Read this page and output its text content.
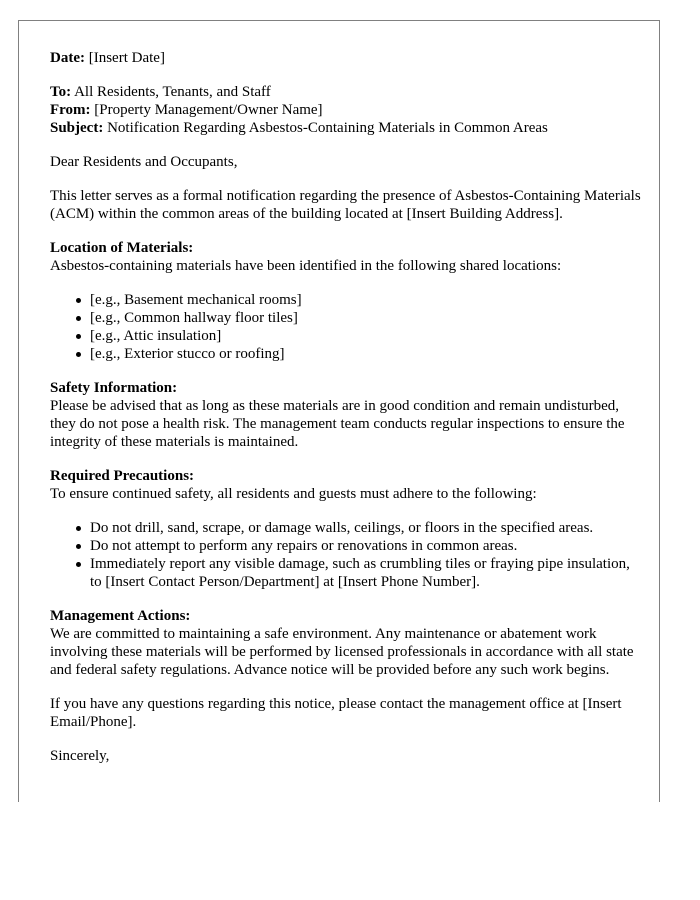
Date: [Insert Date]

To: All Residents, Tenants, and Staff

From: [Property Management/Owner Name]

Subject: Notification Regarding Asbestos-Containing Materials in Common Areas

Dear Residents and Occupants,

This letter serves as a formal notification regarding the presence of Asbestos-Containing Materials (ACM) within the common areas of the building located at [Insert Building Address].

Location of Materials:

Asbestos-containing materials have been identified in the following shared locations:

[e.g., Basement mechanical rooms]
[e.g., Common hallway floor tiles]
[e.g., Attic insulation]
[e.g., Exterior stucco or roofing]

Safety Information:

Please be advised that as long as these materials are in good condition and remain undisturbed, they do not pose a health risk. The management team conducts regular inspections to ensure the integrity of these materials is maintained.

Required Precautions:

To ensure continued safety, all residents and guests must adhere to the following:

Do not drill, sand, scrape, or damage walls, ceilings, or floors in the specified areas.
Do not attempt to perform any repairs or renovations in common areas.
Immediately report any visible damage, such as crumbling tiles or fraying pipe insulation, to [Insert Contact Person/Department] at [Insert Phone Number].

Management Actions:

We are committed to maintaining a safe environment. Any maintenance or abatement work involving these materials will be performed by licensed professionals in accordance with all state and federal safety regulations. Advance notice will be provided before any such work begins.

If you have any questions regarding this notice, please contact the management office at [Insert Email/Phone].

Sincerely,
